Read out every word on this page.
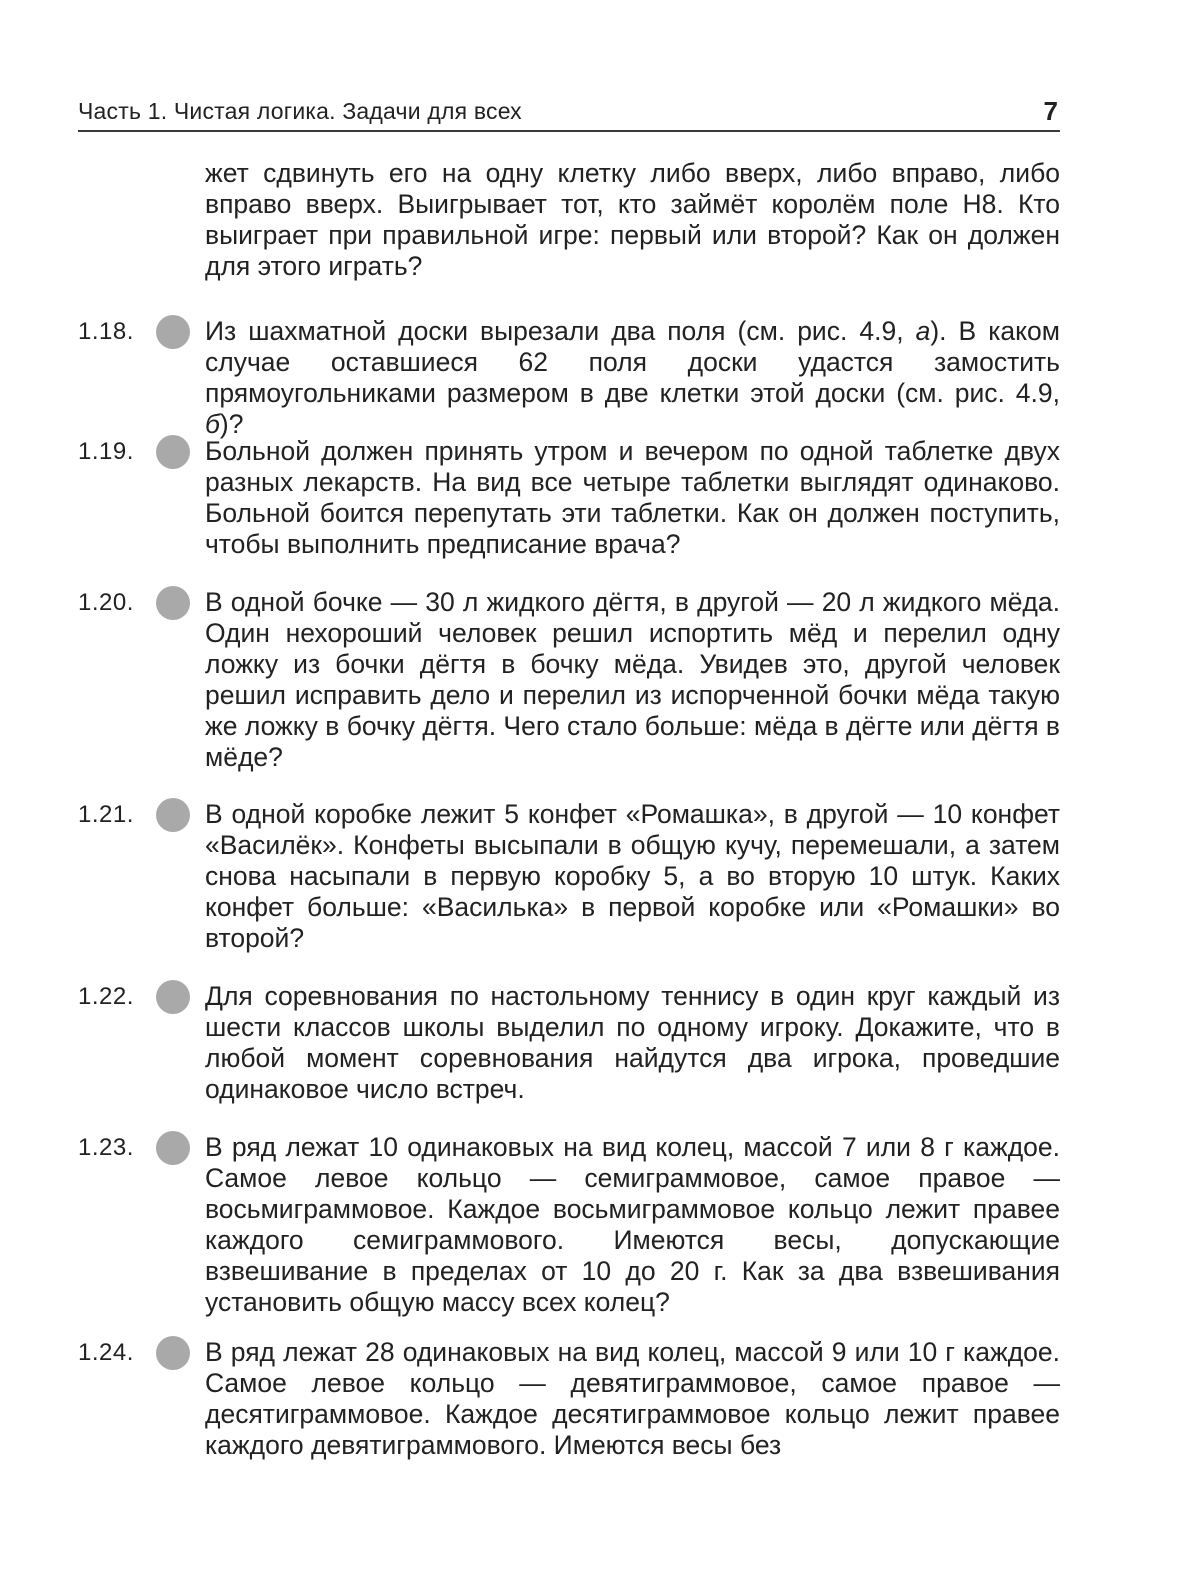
Часть 1. Чистая логика. Задачи для всех	7
жет сдвинуть его на одну клетку либо вверх, либо вправо, либо вправо вверх. Выигрывает тот, кто займёт королём поле Н8. Кто выиграет при правильной игре: первый или второй? Как он должен для этого играть?
1.18.	Из шахматной доски вырезали два поля (см. рис. 4.9, а). В каком случае оставшиеся 62 поля доски удастся замостить прямоугольниками размером в две клетки этой доски (см. рис. 4.9, б)?
1.19.	Больной должен принять утром и вечером по одной таблетке двух разных лекарств. На вид все четыре таблетки выглядят одинаково. Больной боится перепутать эти таблетки. Как он должен поступить, чтобы выполнить предписание врача?
1.20.	В одной бочке — 30 л жидкого дёгтя, в другой — 20 л жидкого мёда. Один нехороший человек решил испортить мёд и перелил одну ложку из бочки дёгтя в бочку мёда. Увидев это, другой человек решил исправить дело и перелил из испорченной бочки мёда такую же ложку в бочку дёгтя. Чего стало больше: мёда в дёгте или дёгтя в мёде?
1.21.	В одной коробке лежит 5 конфет «Ромашка», в другой — 10 конфет «Василёк». Конфеты высыпали в общую кучу, перемешали, а затем снова насыпали в первую коробку 5, а во вторую 10 штук. Каких конфет больше: «Василька» в первой коробке или «Ромашки» во второй?
1.22.	Для соревнования по настольному теннису в один круг каждый из шести классов школы выделил по одному игроку. Докажите, что в любой момент соревнования найдутся два игрока, проведшие одинаковое число встреч.
1.23.	В ряд лежат 10 одинаковых на вид колец, массой 7 или 8 г каждое. Самое левое кольцо — семиграммовое, самое правое — восьмиграммовое. Каждое восьмиграммовое кольцо лежит правее каждого семиграммового. Имеются весы, допускающие взвешивание в пределах от 10 до 20 г. Как за два взвешивания установить общую массу всех колец?
1.24.	В ряд лежат 28 одинаковых на вид колец, массой 9 или 10 г каждое. Самое левое кольцо — девятиграммовое, самое правое — десятиграммовое. Каждое десятиграммовое кольцо лежит правее каждого девятиграммового. Имеются весы без
